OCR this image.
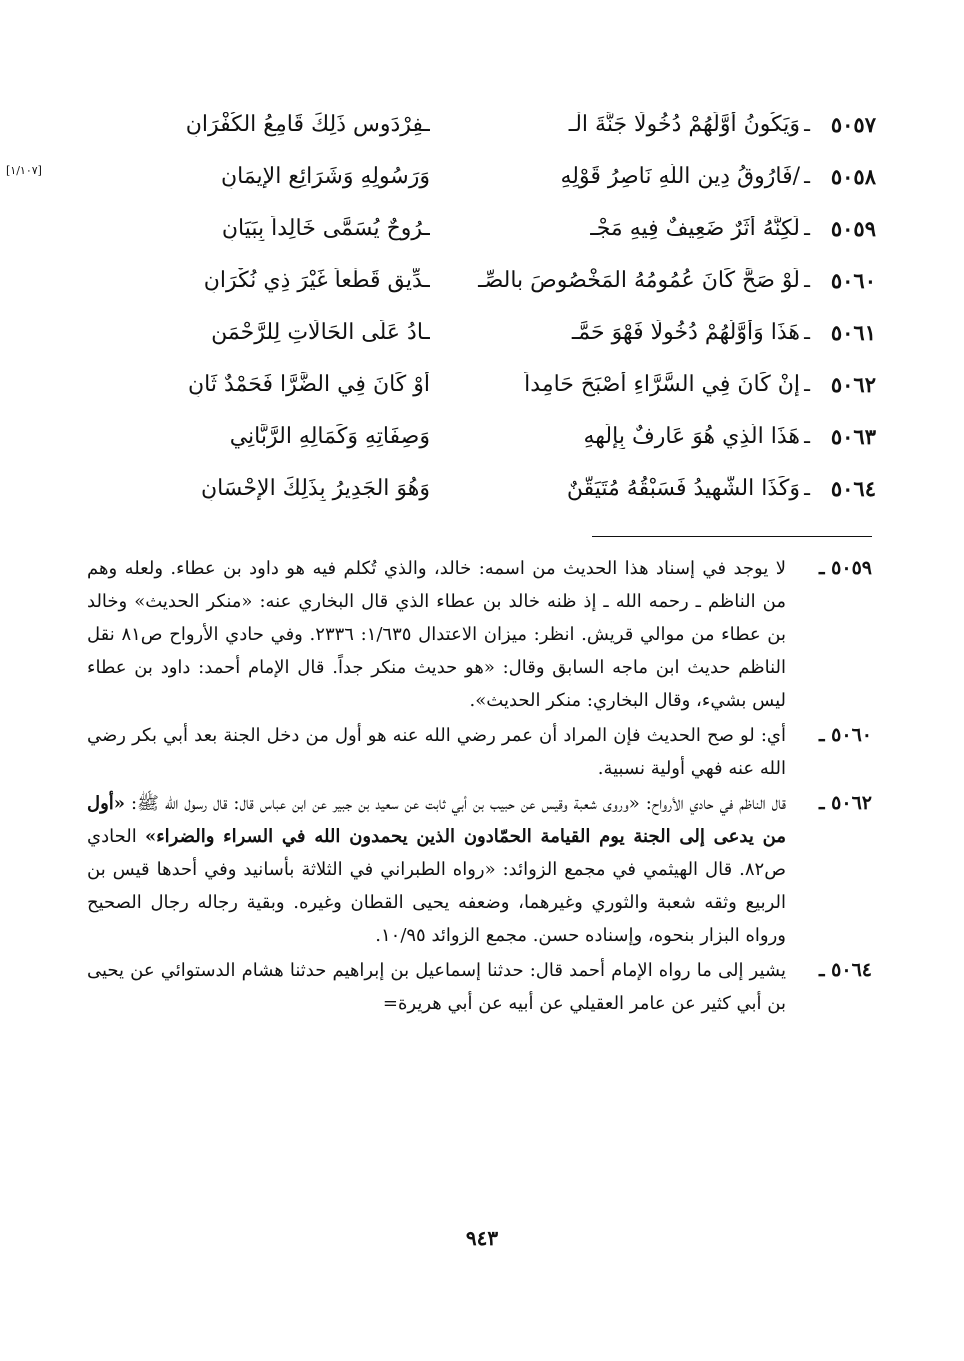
٥٠٥٧
ـ
وَيَكُونُ أَوَّلَهُمْ دُخُولًا جَنَّةَ الْـ
ـفِرْدَوسِ ذَلِكَ قَامِعُ الكُفْرَانِ
٥٠٥٨
ـ
/فَارُوقُ دِينِ اللَّهِ نَاصِرُ قَوْلِهِ
وَرَسُولِهِ وَشَرَائِعِ الإِيمَانِ
[١/١٠٧]
٥٠٥٩
ـ
لَكِنَّهُ أَثَرٌ ضَعِيفٌ فِيهِ مَجْـ
ـرُوحٌ يُسَمَّى خَالِداً بِبَيَانِ
٥٠٦٠
ـ
لَوْ صَحَّ كَانَ عُمُومُهُ المَخْصُوصَ بالصِّـ
ـدِّيقِ قَطْعاً غَيْرَ ذِي نُكْرَانِ
٥٠٦١
ـ
هَذَا وَأَوَّلُهُمْ دُخُولًا فَهْوَ حَمَّـ
ـادُ عَلَى الحَالَاتِ لِلرَّحْمَنِ
٥٠٦٢
ـ
إِنْ كَانَ فِي السَّرَّاءِ أَصْبَحَ حَامِداً
أَوْ كَانَ فِي الضَّرَّا فَحَمْدٌ ثَانِ
٥٠٦٣
ـ
هَذَا الَّذِي هُوَ عَارِفٌ بِإِلَهِهِ
وَصِفَاتِهِ وَكَمَالِهِ الرَّبَّانِي
٥٠٦٤
ـ
وَكَذَا الشَّهِيدُ فَسَبْقُهُ مُتَيَقَّنٌ
وَهُوَ الجَدِيرُ بِذَلِكَ الإِحْسَانِ
٥٠٥٩ ـ
لا يوجد في إسناد هذا الحديث من اسمه: خالد، والذي تُكلم فيه هو داود بن عطاء. ولعله وهم من الناظم ـ رحمه الله ـ إذ ظنه خالد بن عطاء الذي قال البخاري عنه: «منكر الحديث» وخالد بن عطاء من موالي قريش. انظر: ميزان الاعتدال ١/٦٣٥: ٢٣٣٦. وفي حادي الأرواح ص٨١ نقل الناظم حديث ابن ماجه السابق وقال: «هو حديث منكر جداً. قال الإمام أحمد: داود بن عطاء ليس بشيء، وقال البخاري: منكر الحديث».
٥٠٦٠ ـ
أي: لو صح الحديث فإن المراد أن عمر رضي الله عنه هو أول من دخل الجنة بعد أبي بكر رضي الله عنه فهي أولية نسبية.
٥٠٦٢ ـ
قال الناظم في حادي الأرواح: «وروى شعبة وقيس عن حبيب بن أبي ثابت عن سعيد بن جبير عن ابن عباس قال: قال رسول الله ﷺ: «أول من يدعى إلى الجنة يوم القيامة الحمّادون الذين يحمدون الله في السراء والضراء» الحادي ص٨٢. قال الهيثمي في مجمع الزوائد: «رواه الطبراني في الثلاثة بأسانيد وفي أحدها قيس بن الربيع وثقه شعبة والثوري وغيرهما، وضعفه يحيى القطان وغيره. وبقية رجاله رجال الصحيح ورواه البزار بنحوه، وإسناده حسن. مجمع الزوائد ١٠/٩٥.
٥٠٦٤ ـ
يشير إلى ما رواه الإمام أحمد قال: حدثنا إسماعيل بن إبراهيم حدثنا هشام الدستوائي عن يحيى بن أبي كثير عن عامر العقيلي عن أبيه عن أبي هريرة=
٩٤٣
